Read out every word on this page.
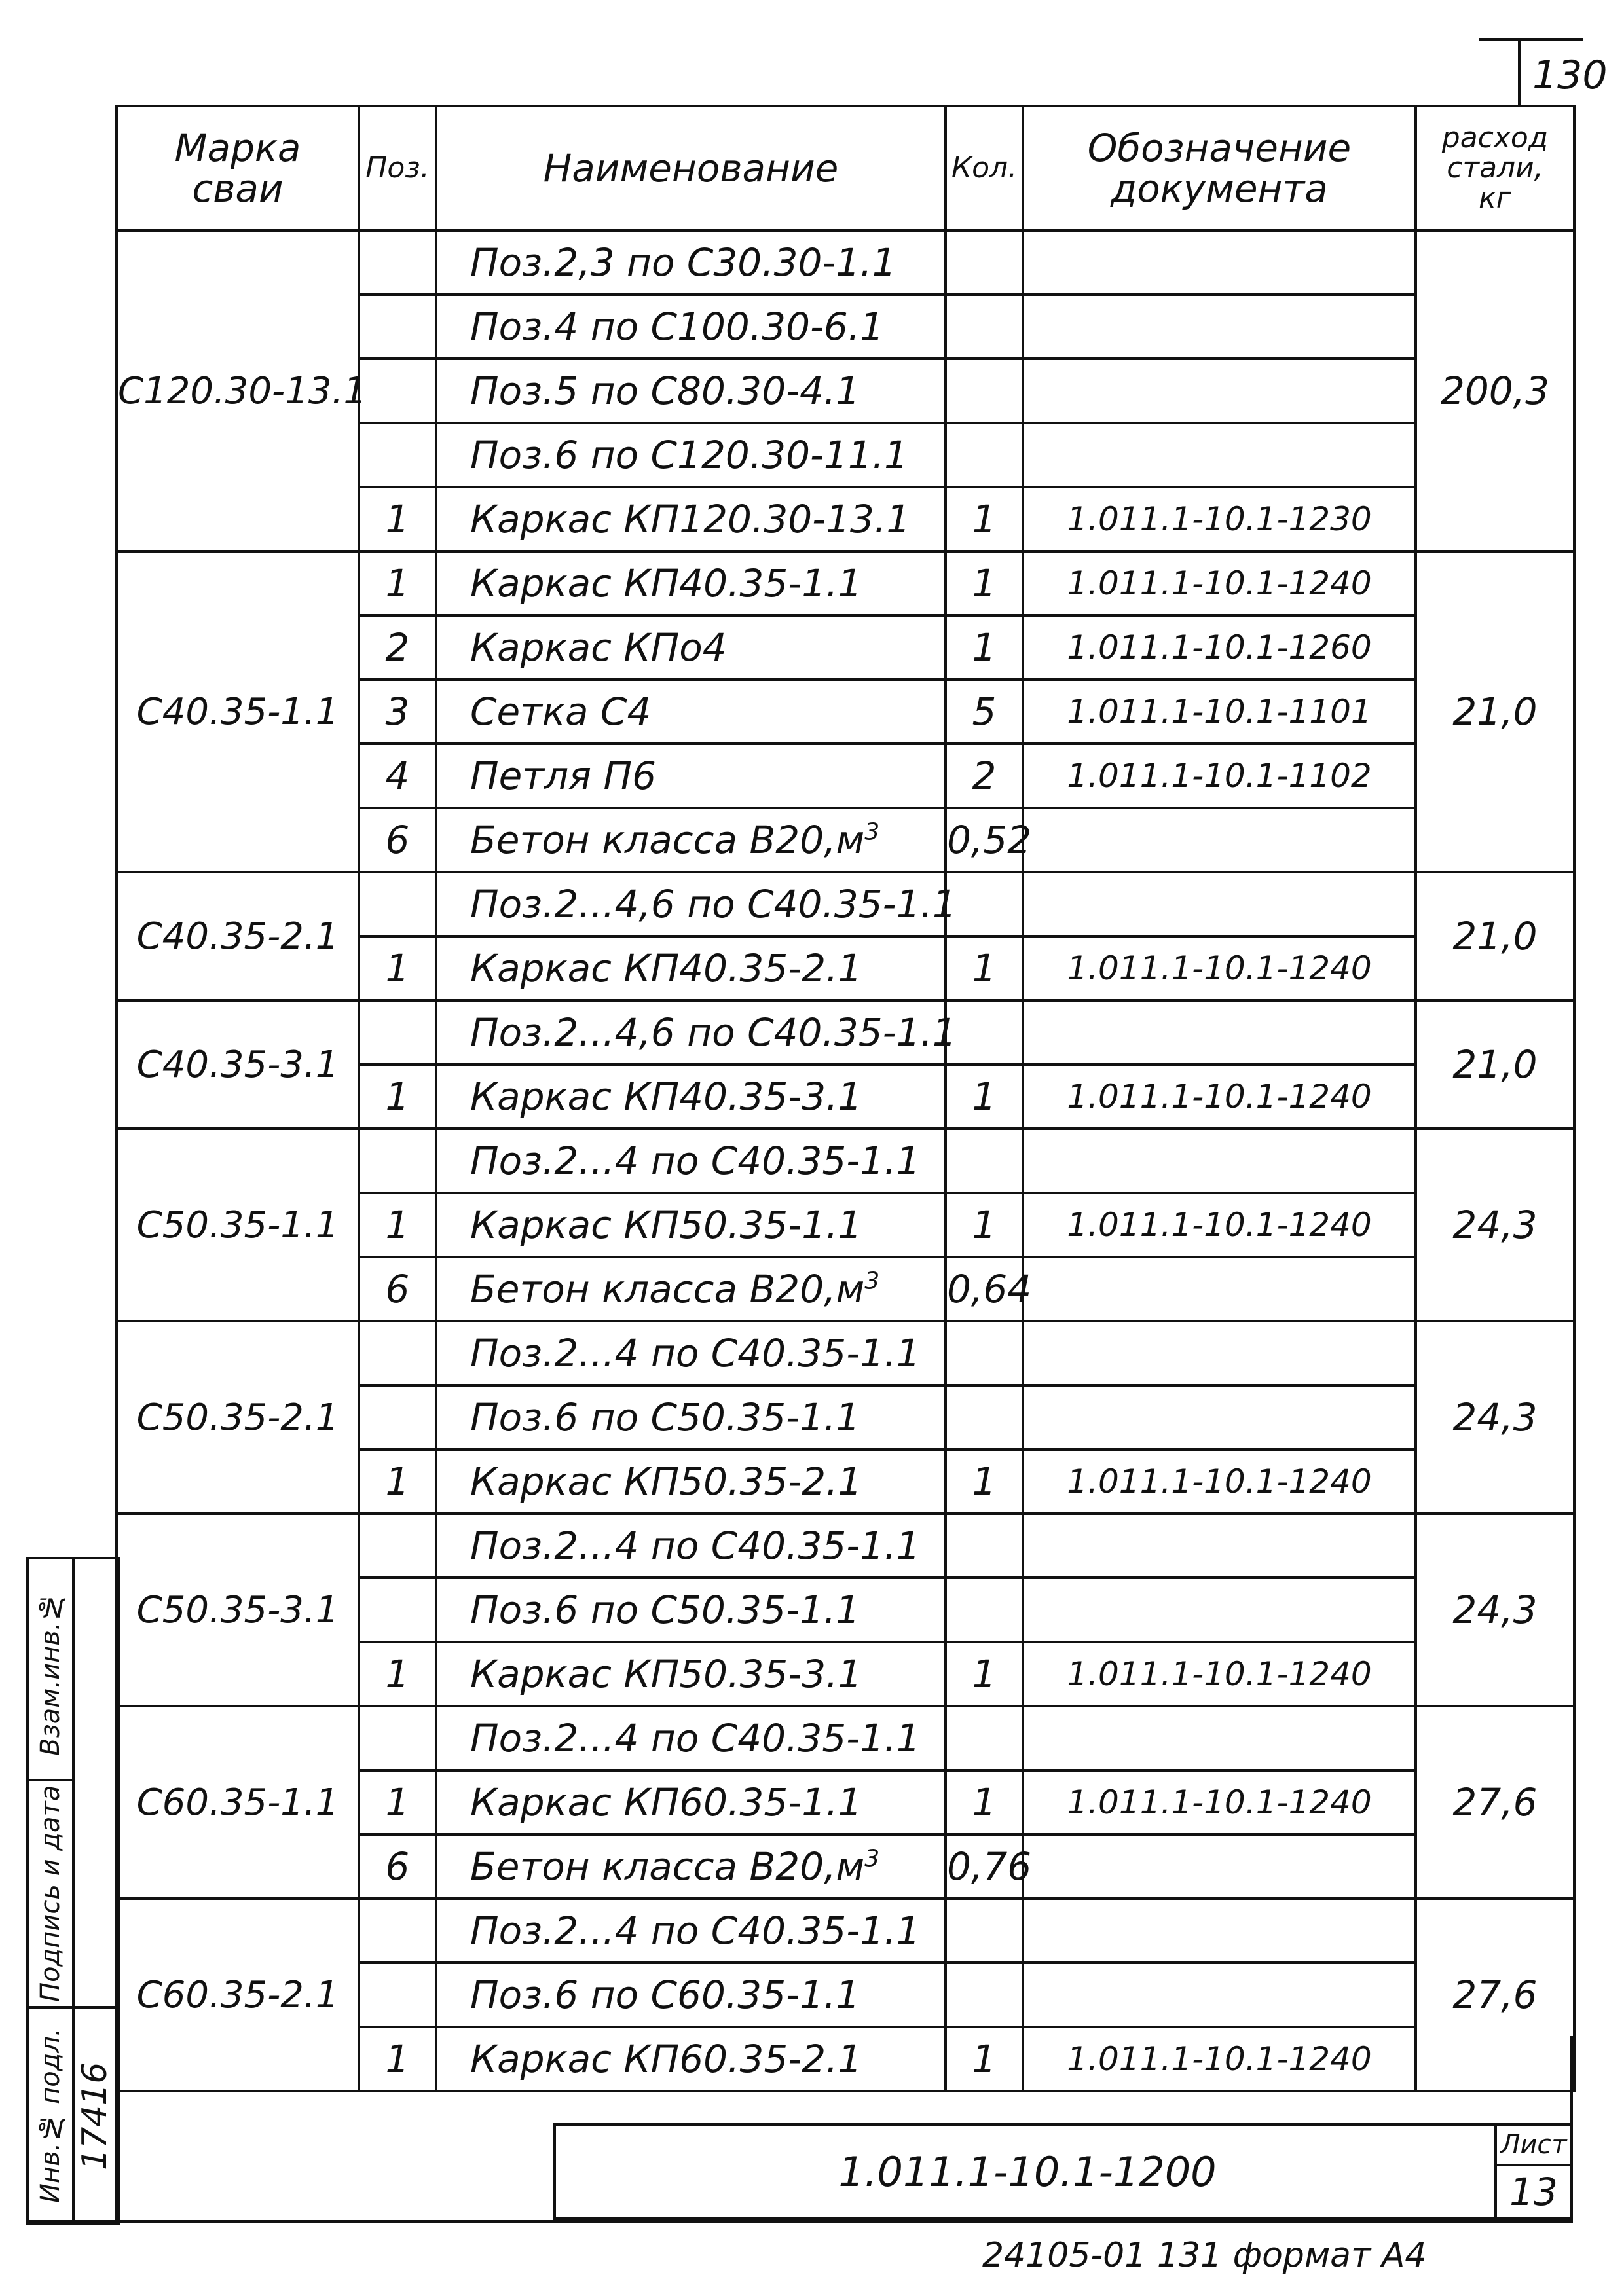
130
Марка сваи	Поз.	Наименование	Кол.	Обозначение документа	расход стали, кг

С120.30-13.1		Поз.2,3 по С30.30-1.1			200,3
		Поз.4 по С100.30-6.1			
		Поз.5 по С80.30-4.1			
		Поз.6 по С120.30-11.1			
	1	Каркас КП120.30-13.1	1	1.011.1-10.1-1230	
С40.35-1.1	1	Каркас КП40.35-1.1	1	1.011.1-10.1-1240	21,0
	2	Каркас КПо4	1	1.011.1-10.1-1260	
	3	Сетка С4	5	1.011.1-10.1-1101	
	4	Петля П6	2	1.011.1-10.1-1102	
	6	Бетон класса $В20,м^3$	0,52		
С40.35-2.1		Поз.2...4,6 по С40.35-1.1			21,0
	1	Каркас КП40.35-2.1	1	1.011.1-10.1-1240	
С40.35-3.1		Поз.2...4,6 по С40.35-1.1			21,0
	1	Каркас КП40.35-3.1	1	1.011.1-10.1-1240	
С50.35-1.1		Поз.2...4 по С40.35-1.1			24,3
	1	Каркас КП50.35-1.1	1	1.011.1-10.1-1240	
	6	Бетон класса $В20,м^3$	0,64		
С50.35-2.1		Поз.2...4 по С40.35-1.1			24,3
		Поз.6 по С50.35-1.1			
	1	Каркас КП50.35-2.1	1	1.011.1-10.1-1240	
С50.35-3.1		Поз.2...4 по С40.35-1.1			24,3
		Поз.6 по С50.35-1.1			
	1	Каркас КП50.35-3.1	1	1.011.1-10.1-1240	
С60.35-1.1		Поз.2...4 по С40.35-1.1			27,6
	1	Каркас КП60.35-1.1	1	1.011.1-10.1-1240	
	6	Бетон класса $В20,м^3$	0,76		
С60.35-2.1		Поз.2...4 по С40.35-1.1			27,6
		Поз.6 по С60.35-1.1			
	1	Каркас КП60.35-2.1	1	1.011.1-10.1-1240	
Взам.инв.№
Подпись и дата
Инв.№ подл. 17416
1.011.1-10.1-1200
Лист
13
24105-01 131 формат А4
